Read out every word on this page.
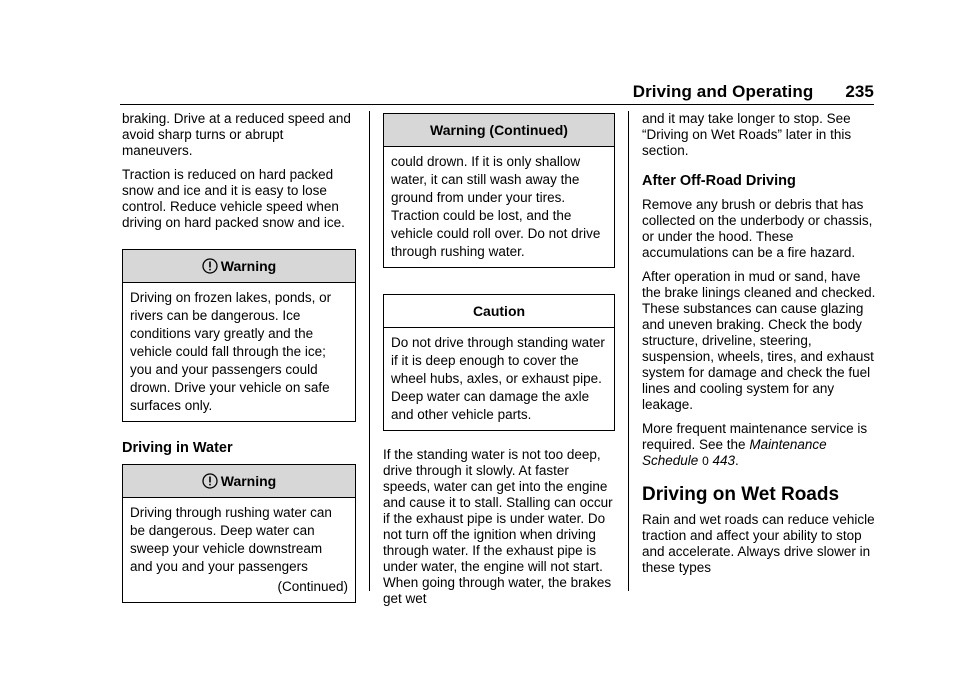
Driving and Operating 235

braking. Drive at a reduced speed and avoid sharp turns or abrupt maneuvers.

Traction is reduced on hard packed snow and ice and it is easy to lose control. Reduce vehicle speed when driving on hard packed snow and ice.

Warning

Driving on frozen lakes, ponds, or rivers can be dangerous. Ice conditions vary greatly and the vehicle could fall through the ice; you and your passengers could drown. Drive your vehicle on safe surfaces only.

Driving in Water
Warning

Driving through rushing water can be dangerous. Deep water can sweep your vehicle downstream and you and your passengers

(Continued)
Warning (Continued)

could drown. If it is only shallow water, it can still wash away the ground from under your tires. Traction could be lost, and the vehicle could roll over. Do not drive through rushing water.

Caution

Do not drive through standing water if it is deep enough to cover the wheel hubs, axles, or exhaust pipe. Deep water can damage the axle and other vehicle parts.

If the standing water is not too deep, drive through it slowly. At faster speeds, water can get into the engine and cause it to stall. Stalling can occur if the exhaust pipe is under water. Do not turn off the ignition when driving through water. If the exhaust pipe is under water, the engine will not start. When going through water, the brakes get wet

and it may take longer to stop. See “Driving on Wet Roads” later in this section.

After Off-Road Driving

Remove any brush or debris that has collected on the underbody or chassis, or under the hood. These accumulations can be a fire hazard.

After operation in mud or sand, have the brake linings cleaned and checked. These substances can cause glazing and uneven braking. Check the body structure, driveline, steering, suspension, wheels, tires, and exhaust system for damage and check the fuel lines and cooling system for any leakage.

More frequent maintenance service is required. See the Maintenance Schedule 0 443.

Driving on Wet Roads

Rain and wet roads can reduce vehicle traction and affect your ability to stop and accelerate. Always drive slower in these types
